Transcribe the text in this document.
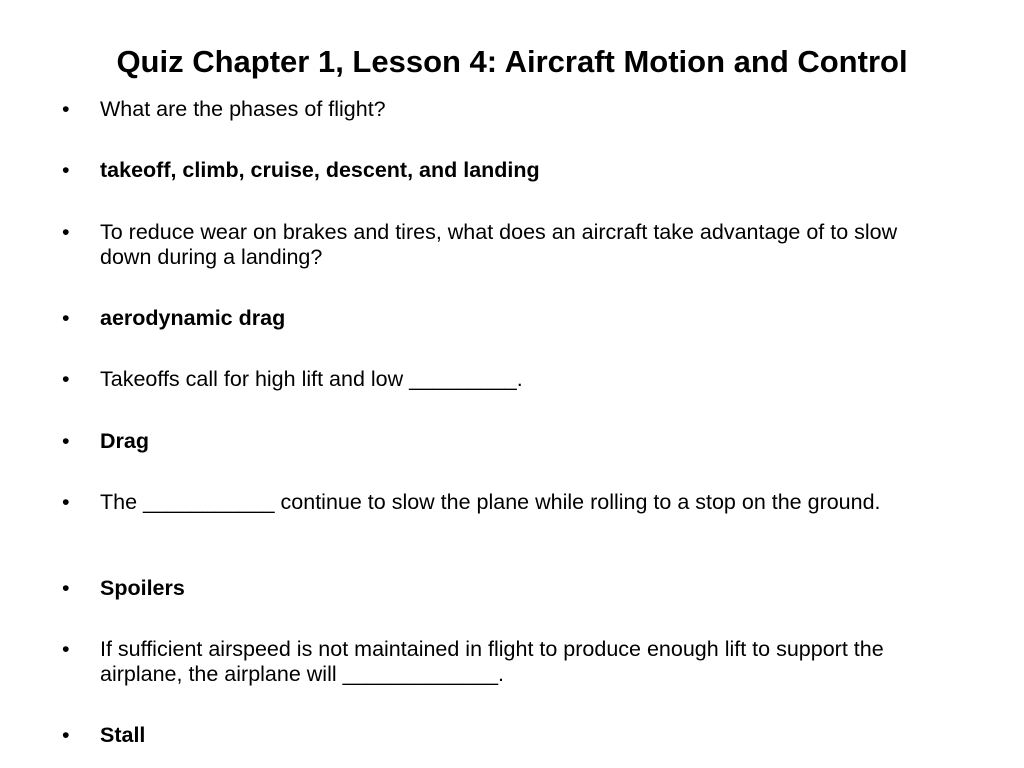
Quiz Chapter 1, Lesson 4: Aircraft Motion and Control
•	What are the phases of flight?
•	takeoff, climb, cruise, descent, and landing
•	To reduce wear on brakes and tires, what does an aircraft take advantage of to slow down during a landing?
•	aerodynamic drag
•	Takeoffs call for high lift and low _________.
•	Drag
•	The ___________ continue to slow the plane while rolling to a stop on the ground.
•	Spoilers
•	If sufficient airspeed is not maintained in flight to produce enough lift to support the airplane, the airplane will _____________.
•	Stall
